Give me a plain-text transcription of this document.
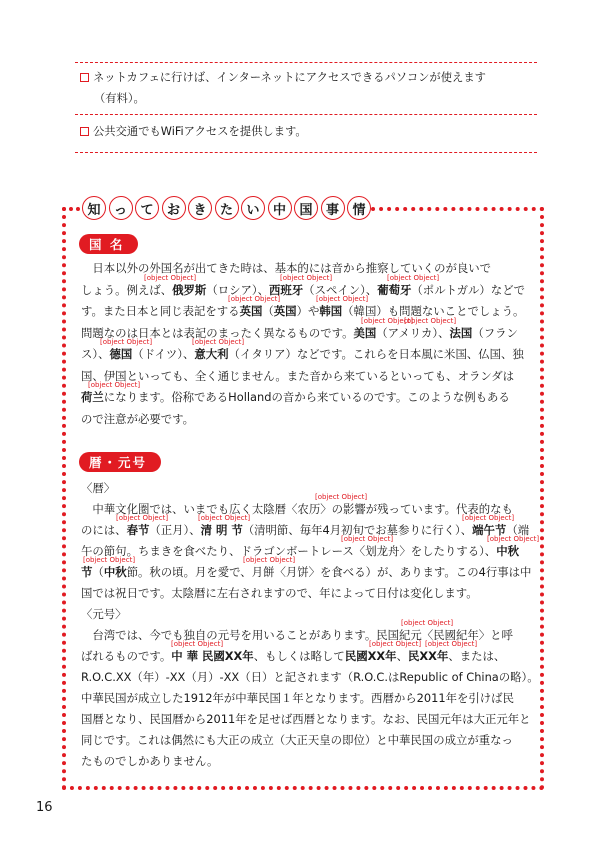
ネットカフェに行けば、インターネットにアクセスできるパソコンが使えます
（有料）。
公共交通でもWiFiアクセスを提供します。
知	っ	て	お	き	た	い	中	国	事	情
国 名
　日本以外の外国名が出てきた時は、基本的には音から推察していくのが良いで
しょう。例えば、俄罗斯（ロシア）、西班牙（スペイン）、葡萄牙（ポルトガル）などで
す。また日本と同じ表記をする英国（英国）や韩国（韓国）も問題ないことでしょう。
問題なのは日本とは表記のまったく異なるものです。美国（アメリカ）、法国（フラン
ス）、德国（ドイツ）、意大利（イタリア）などです。これらを日本風に米国、仏国、独
国、伊国といっても、全く通じません。また音から来ているといっても、オランダは
荷兰になります。俗称であるHollandの音から来ているのです。このような例もある
ので注意が必要です。
[object Object]	[object Object]	[object Object]
[object Object]	[object Object]
[object Object]
[object Object]
[object Object]	[object Object]
[object Object]
暦・元号
〈暦〉
　中華文化圏では、いまでも広く太陰暦〈农历〉の影響が残っています。代表的なも
のには、春节（正月）、清 明 节（清明節、毎年4月初旬でお墓参りに行く）、端午节（端
午の節句。ちまきを食べたり、ドラゴンボートレース〈划龙舟〉をしたりする）、中秋
节（中秋節。秋の頃。月を愛で、月餅〈月饼〉を食べる）が、あります。この4行事は中
国では祝日です。太陰暦に左右されますので、年によって日付は変化します。
[object Object]
[object Object]	[object Object]	[object Object]
[object Object]	[object Object]
[object Object]	[object Object]
〈元号〉
　台湾では、今でも独自の元号を用いることがあります。民国紀元〈民國紀年〉と呼
ばれるものです。中 華 民國XX年、もしくは略して民國XX年、民XX年、または、
R.O.C.XX（年）-XX（月）-XX（日）と記されます（R.O.C.はRepublic of Chinaの略）。
中華民国が成立した1912年が中華民国１年となります。西暦から2011年を引けば民
国暦となり、民国暦から2011年を足せば西暦となります。なお、民国元年は大正元年と
同じです。これは偶然にも大正の成立（大正天皇の即位）と中華民国の成立が重なっ
たものでしかありません。
[object Object]
[object Object]	[object Object] [object Object]
16
